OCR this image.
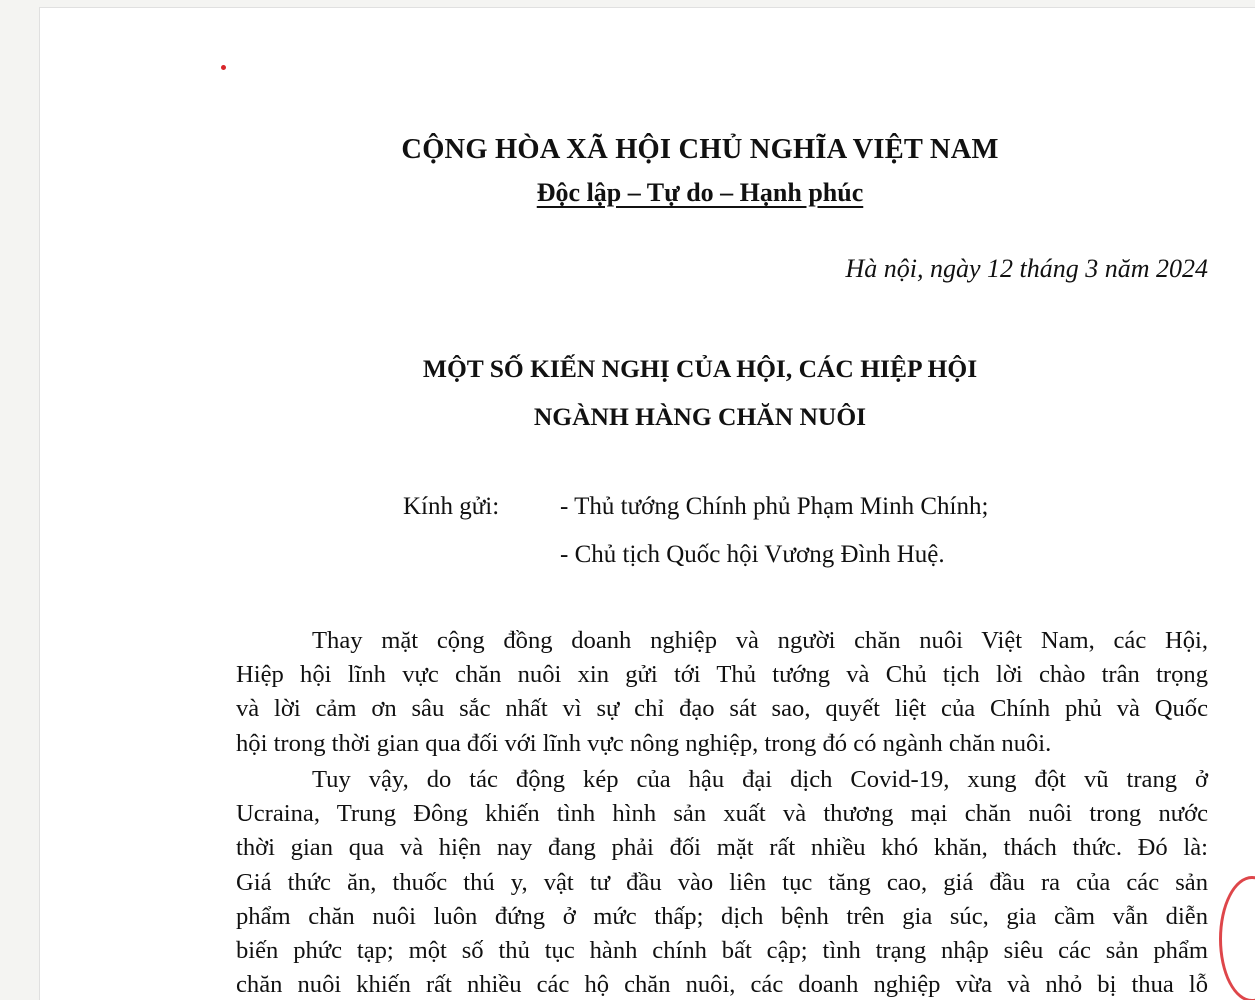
CỘNG HÒA XÃ HỘI CHỦ NGHĨA VIỆT NAM
Độc lập – Tự do – Hạnh phúc
Hà nội, ngày 12 tháng 3 năm 2024
MỘT SỐ KIẾN NGHỊ CỦA HỘI, CÁC HIỆP HỘI
NGÀNH HÀNG CHĂN NUÔI
Kính gửi: - Thủ tướng Chính phủ Phạm Minh Chính;
- Chủ tịch Quốc hội Vương Đình Huệ.
Thay mặt cộng đồng doanh nghiệp và người chăn nuôi Việt Nam, các Hội,
Hiệp hội lĩnh vực chăn nuôi xin gửi tới Thủ tướng và Chủ tịch lời chào trân trọng
và lời cảm ơn sâu sắc nhất vì sự chỉ đạo sát sao, quyết liệt của Chính phủ và Quốc
hội trong thời gian qua đối với lĩnh vực nông nghiệp, trong đó có ngành chăn nuôi.
Tuy vậy, do tác động kép của hậu đại dịch Covid-19, xung đột vũ trang ở
Ucraina, Trung Đông khiến tình hình sản xuất và thương mại chăn nuôi trong nước
thời gian qua và hiện nay đang phải đối mặt rất nhiều khó khăn, thách thức. Đó là:
Giá thức ăn, thuốc thú y, vật tư đầu vào liên tục tăng cao, giá đầu ra của các sản
phẩm chăn nuôi luôn đứng ở mức thấp; dịch bệnh trên gia súc, gia cầm vẫn diễn
biến phức tạp; một số thủ tục hành chính bất cập; tình trạng nhập siêu các sản phẩm
chăn nuôi khiến rất nhiều các hộ chăn nuôi, các doanh nghiệp vừa và nhỏ bị thua lỗ
